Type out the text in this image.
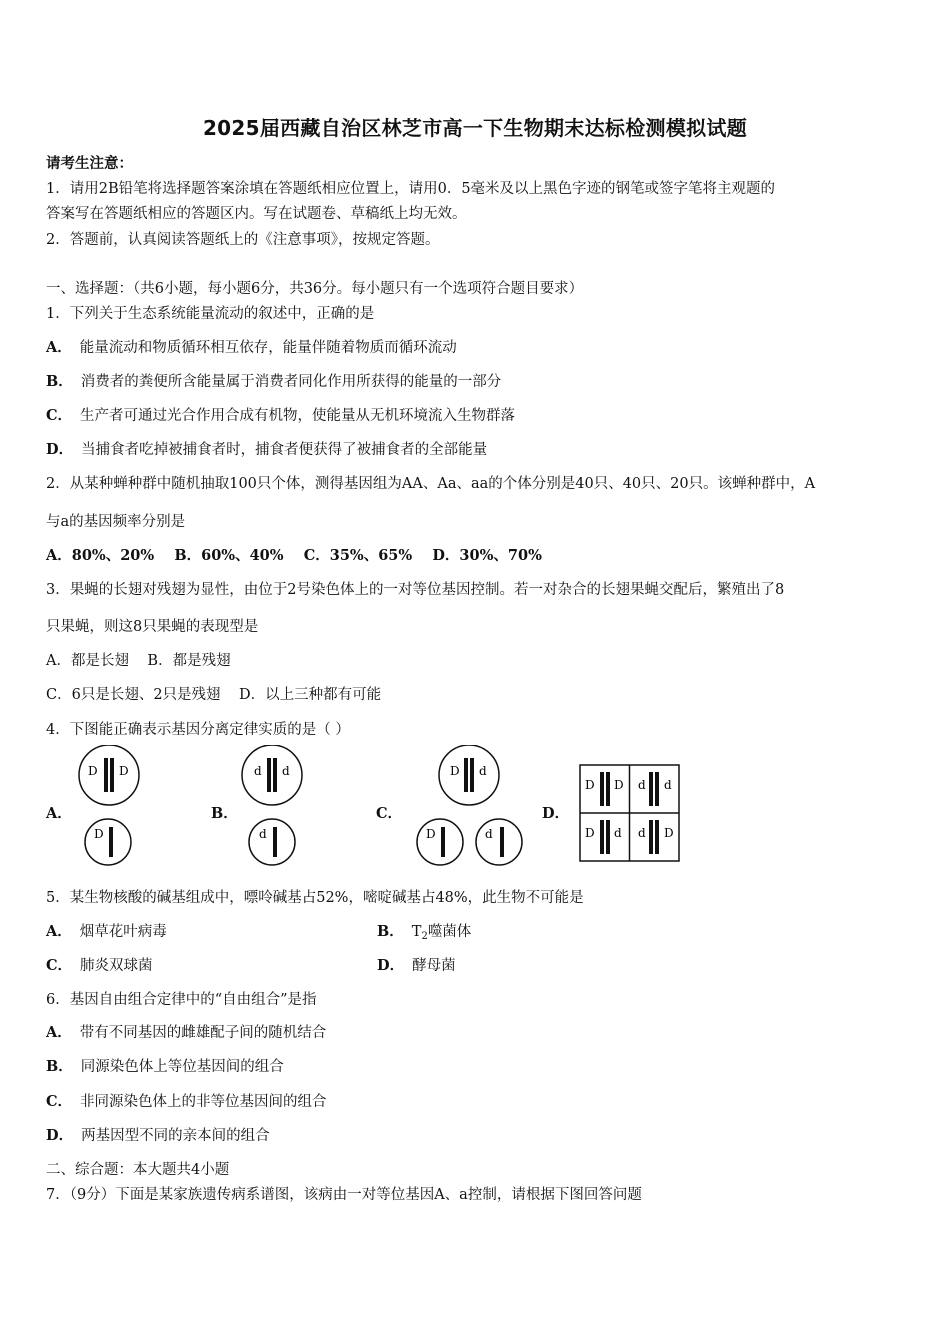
2025届西藏自治区林芝市高一下生物期末达标检测模拟试题
请考生注意：
1．请用2B铅笔将选择题答案涂填在答题纸相应位置上，请用0．5毫米及以上黑色字迹的钢笔或签字笔将主观题的
答案写在答题纸相应的答题区内。写在试题卷、草稿纸上均无效。
2．答题前，认真阅读答题纸上的《注意事项》，按规定答题。
一、选择题：（共6小题，每小题6分，共36分。每小题只有一个选项符合题目要求）
1．下列关于生态系统能量流动的叙述中，正确的是
A． 能量流动和物质循环相互依存，能量伴随着物质而循环流动
B． 消费者的粪便所含能量属于消费者同化作用所获得的能量的一部分
C． 生产者可通过光合作用合成有机物，使能量从无机环境流入生物群落
D． 当捕食者吃掉被捕食者时，捕食者便获得了被捕食者的全部能量
2．从某种蝉种群中随机抽取100只个体，测得基因组为AA、Aa、aa的个体分别是40只、40只、20只。该蝉种群中，A
与a的基因频率分别是
A．80%、20%    B．60%、40%    C．35%、65%    D．30%、70%
3．果蝇的长翅对残翅为显性，由位于2号染色体上的一对等位基因控制。若一对杂合的长翅果蝇交配后，繁殖出了8
只果蝇，则这8只果蝇的表现型是
A．都是长翅    B．都是残翅
C．6只是长翅、2只是残翅    D．以上三种都有可能
4．下图能正确表示基因分离定律实质的是（ ）
A．	B．	C．	D．
D D
D
d d
d
D d
D	d
D D d d
D d d D
5．某生物核酸的碱基组成中，嘌呤碱基占52%，嘧啶碱基占48%，此生物不可能是
A． 烟草花叶病毒	B． $T_2$噬菌体
C． 肺炎双球菌	D． 酵母菌
6．基因自由组合定律中的“自由组合”是指
A． 带有不同基因的雌雄配子间的随机结合
B． 同源染色体上等位基因间的组合
C． 非同源染色体上的非等位基因间的组合
D． 两基因型不同的亲本间的组合
二、综合题：本大题共4小题
7．（9分）下面是某家族遗传病系谱图，该病由一对等位基因A、a控制，请根据下图回答问题
